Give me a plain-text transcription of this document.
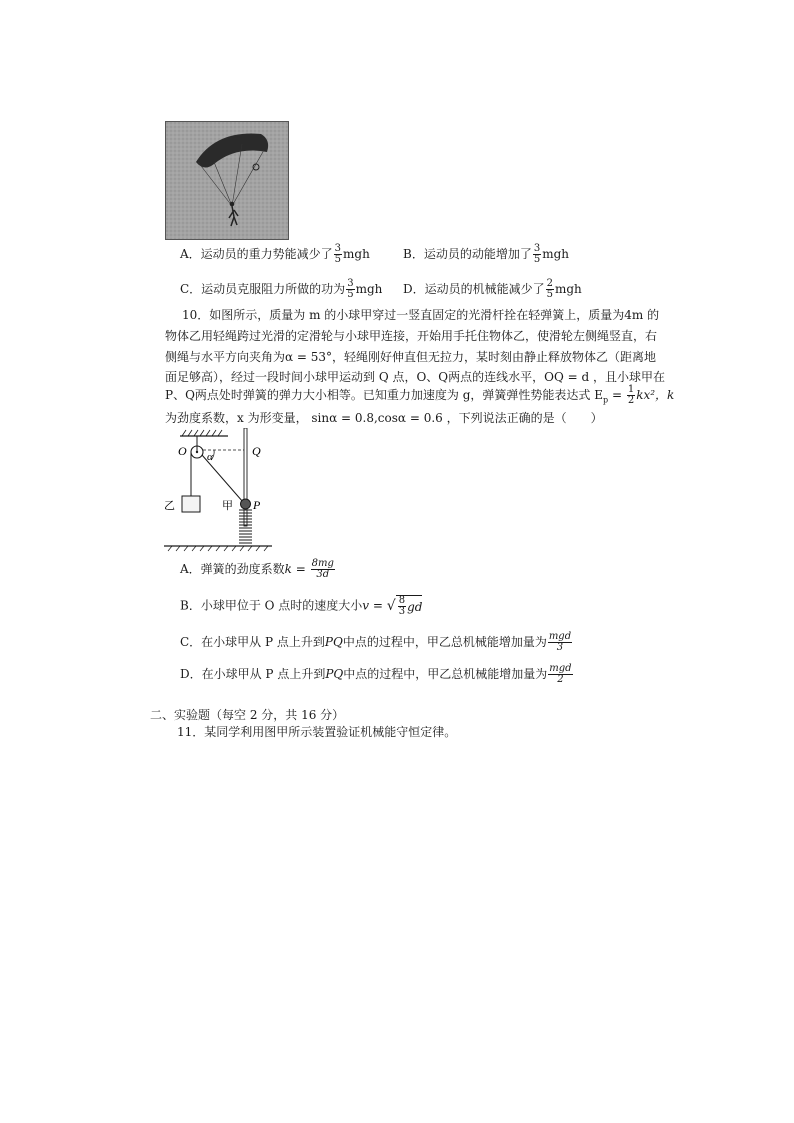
A．运动员的重力势能减少了 $\frac{3}{5}$ mgh	B．运动员的动能增加了 $\frac{3}{5}$ mgh
C．运动员克服阻力所做的功为 $\frac{3}{5}$ mgh D．运动员的机械能减少了 $\frac{2}{5}$ mgh
10．如图所示，质量为 m 的小球甲穿过一竖直固定的光滑杆拴在轻弹簧上，质量为4m 的
物体乙用轻绳跨过光滑的定滑轮与小球甲连接，开始用手托住物体乙，使滑轮左侧绳竖直，右
侧绳与水平方向夹角为α = 53°，轻绳刚好伸直但无拉力，某时刻由静止释放物体乙（距离地
面足够高），经过一段时间小球甲运动到 Q 点，O、Q两点的连线水平，OQ = d ，且小球甲在
P、Q两点处时弹簧的弹力大小相等。已知重力加速度为 g，弹簧弹性势能表达式 $E_p = \frac{1}{2} kx^2$，k
为劲度系数，x 为形变量， sinα = 0.8,cosα = 0.6 ，下列说法正确的是（　　）
O α	Q
乙	甲 P
A．弹簧的劲度系数$k = \frac{8mg}{3d}$
B．小球甲位于 O 点时的速度大小v = √ $\frac{8}{3}$ gd
C．在小球甲从 P 点上升到PQ中点的过程中，甲乙总机械能增加量为 $\frac{\text{mgd}}{3}$
D．在小球甲从 P 点上升到PQ中点的过程中，甲乙总机械能增加量为 $\frac{\text{mgd}}{2}$
二、实验题（每空 2 分，共 16 分）
11．某同学利用图甲所示装置验证机械能守恒定律。
